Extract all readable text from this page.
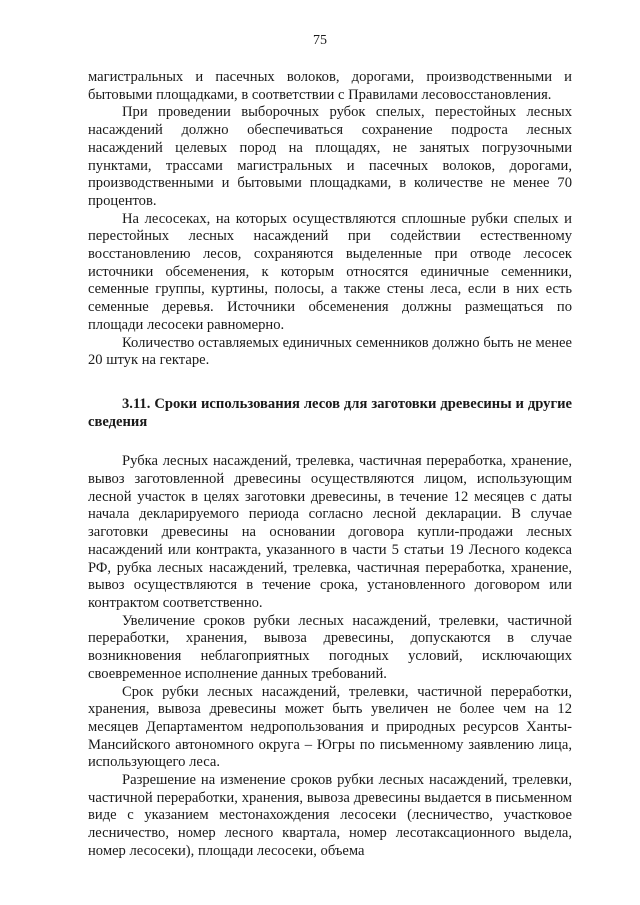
75

магистральных и пасечных волоков, дорогами, производственными и бытовыми площадками, в соответствии с Правилами лесовосстановления.

При проведении выборочных рубок спелых, перестойных лесных насаждений должно обеспечиваться сохранение подроста лесных насаждений целевых пород на площадях, не занятых погрузочными пунктами, трассами магистральных и пасечных волоков, дорогами, производственными и бытовыми площадками, в количестве не менее 70 процентов.

На лесосеках, на которых осуществляются сплошные рубки спелых и перестойных лесных насаждений при содействии естественному восстановлению лесов, сохраняются выделенные при отводе лесосек источники обсеменения, к которым относятся единичные семенники, семенные группы, куртины, полосы, а также стены леса, если в них есть семенные деревья. Источники обсеменения должны размещаться по площади лесосеки равномерно.

Количество оставляемых единичных семенников должно быть не менее 20 штук на гектаре.

3.11. Сроки использования лесов для заготовки древесины и другие сведения

Рубка лесных насаждений, трелевка, частичная переработка, хранение, вывоз заготовленной древесины осуществляются лицом, использующим лесной участок в целях заготовки древесины, в течение 12 месяцев с даты начала декларируемого периода согласно лесной декларации. В случае заготовки древесины на основании договора купли-продажи лесных насаждений или контракта, указанного в части 5 статьи 19 Лесного кодекса РФ, рубка лесных насаждений, трелевка, частичная переработка, хранение, вывоз осуществляются в течение срока, установленного договором или контрактом соответственно.

Увеличение сроков рубки лесных насаждений, трелевки, частичной переработки, хранения, вывоза древесины, допускаются в случае возникновения неблагоприятных погодных условий, исключающих своевременное исполнение данных требований.

Срок рубки лесных насаждений, трелевки, частичной переработки, хранения, вывоза древесины может быть увеличен не более чем на 12 месяцев Департаментом недропользования и природных ресурсов Ханты-Мансийского автономного округа – Югры по письменному заявлению лица, использующего леса.

Разрешение на изменение сроков рубки лесных насаждений, трелевки, частичной переработки, хранения, вывоза древесины выдается в письменном виде с указанием местонахождения лесосеки (лесничество, участковое лесничество, номер лесного квартала, номер лесотаксационного выдела, номер лесосеки), площади лесосеки, объема
